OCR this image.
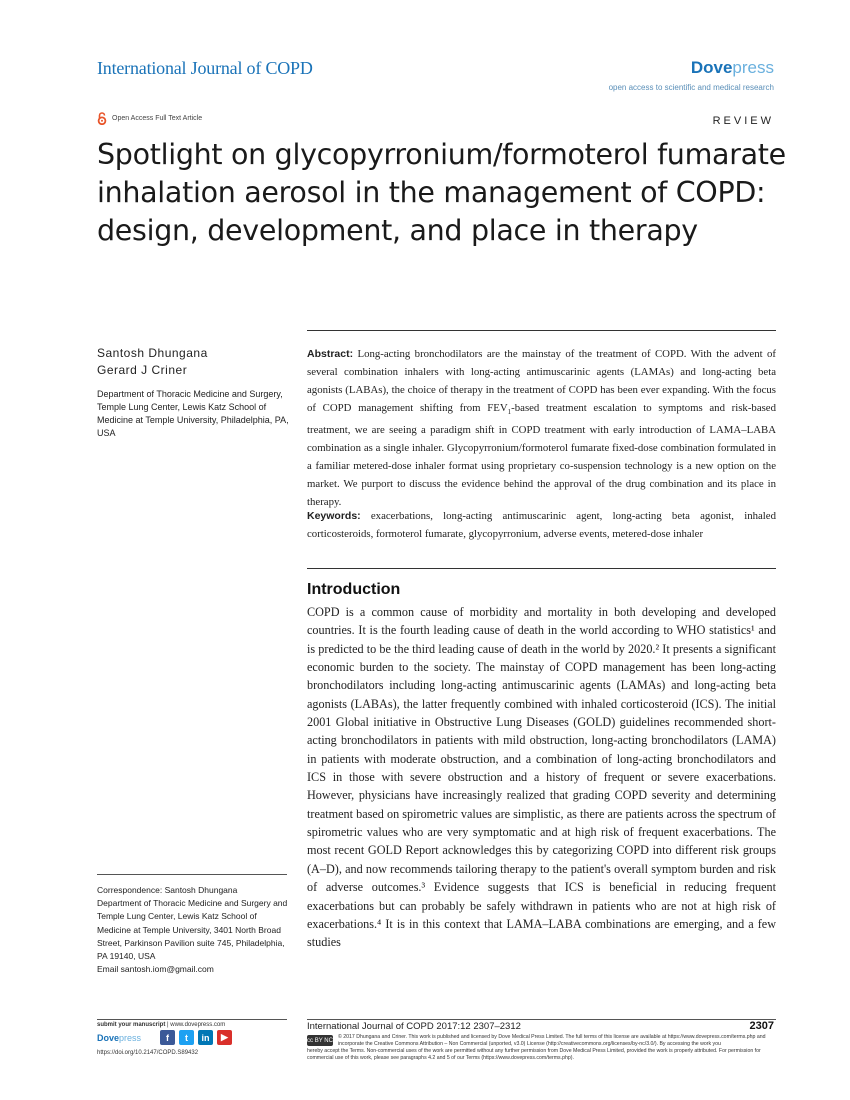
International Journal of COPD	Dovepress
open access to scientific and medical research
Open Access Full Text Article	REVIEW
Spotlight on glycopyrronium/formoterol fumarate inhalation aerosol in the management of COPD: design, development, and place in therapy
Santosh Dhungana
Gerard J Criner
Department of Thoracic Medicine and Surgery, Temple Lung Center, Lewis Katz School of Medicine at Temple University, Philadelphia, PA, USA
Correspondence: Santosh Dhungana
Department of Thoracic Medicine and Surgery and Temple Lung Center, Lewis Katz School of Medicine at Temple University, 3401 North Broad Street, Parkinson Pavilion suite 745, Philadelphia, PA 19140, USA
Email santosh.iom@gmail.com
Abstract: Long-acting bronchodilators are the mainstay of the treatment of COPD. With the advent of several combination inhalers with long-acting antimuscarinic agents (LAMAs) and long-acting beta agonists (LABAs), the choice of therapy in the treatment of COPD has been ever expanding. With the focus of COPD management shifting from $FEV_1$-based treatment escalation to symptoms and risk-based treatment, we are seeing a paradigm shift in COPD treatment with early introduction of LAMA–LABA combination as a single inhaler. Glycopyrronium/formoterol fumarate fixed-dose combination formulated in a familiar metered-dose inhaler format using proprietary co-suspension technology is a new option on the market. We purport to discuss the evidence behind the approval of the drug combination and its place in therapy.
Keywords: exacerbations, long-acting antimuscarinic agent, long-acting beta agonist, inhaled corticosteroids, formoterol fumarate, glycopyrronium, adverse events, metered-dose inhaler
Introduction

COPD is a common cause of morbidity and mortality in both developing and developed countries. It is the fourth leading cause of death in the world according to WHO statistics¹ and is predicted to be the third leading cause of death in the world by 2020.² It presents a significant economic burden to the society. The mainstay of COPD management has been long-acting bronchodilators including long-acting antimuscarinic agents (LAMAs) and long-acting beta agonists (LABAs), the latter frequently combined with inhaled corticosteroid (ICS). The initial 2001 Global initiative in Obstructive Lung Diseases (GOLD) guidelines recommended short-acting bronchodilators in patients with mild obstruction, long-acting bronchodilators (LAMA) in patients with moderate obstruction, and a combination of long-acting bronchodilators and ICS in those with severe obstruction and a history of frequent or severe exacerbations. However, physicians have increasingly realized that grading COPD severity and determining treatment based on spirometric values are simplistic, as there are patients across the spectrum of spirometric values who are very symptomatic and at high risk of frequent exacerbations. The most recent GOLD Report acknowledges this by categorizing COPD into different risk groups (A–D), and now recommends tailoring therapy to the patient's overall symptom burden and risk of adverse outcomes.³ Evidence suggests that ICS is beneficial in reducing frequent exacerbations but can probably be safely withdrawn in patients who are not at high risk of exacerbations.⁴ It is in this context that LAMA–LABA combinations are emerging, and a few studies

submit your manuscript | www.dovepress.com
Dovepress	f	t	in	▶
https://doi.org/10.2147/COPD.S89432
International Journal of COPD 2017:12 2307–2312	2307
cc BY NC
© 2017 Dhungana and Criner. This work is published and licensed by Dove Medical Press Limited. The full terms of this license are available at https://www.dovepress.com/terms.php and incorporate the Creative Commons Attribution – Non Commercial (unported, v3.0) License (http://creativecommons.org/licenses/by-nc/3.0/). By accessing the work you
hereby accept the Terms. Non-commercial uses of the work are permitted without any further permission from Dove Medical Press Limited, provided the work is properly attributed. For permission for commercial use of this work, please see paragraphs 4.2 and 5 of our Terms (https://www.dovepress.com/terms.php).
